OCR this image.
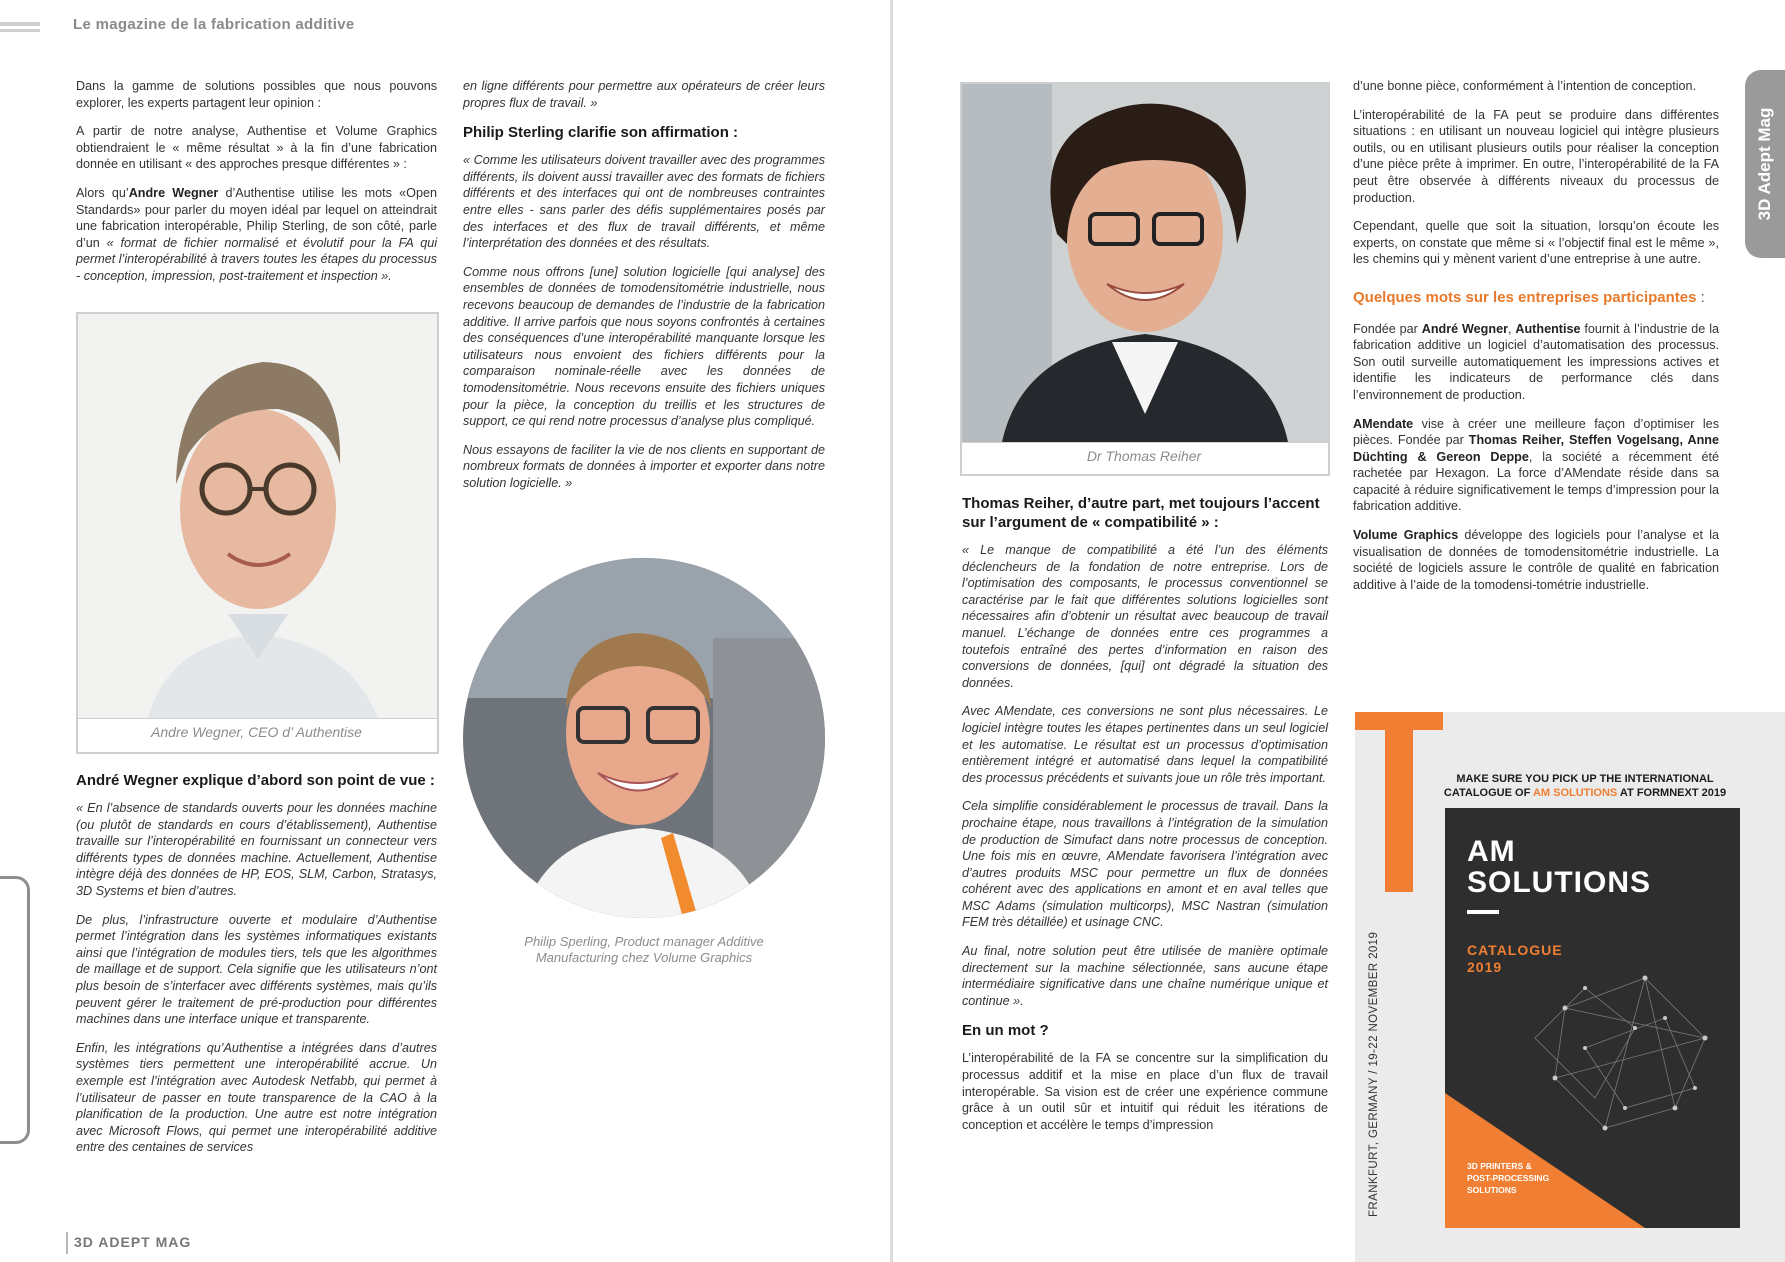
Le magazine de la fabrication additive

Dans la gamme de solutions possibles que nous pouvons explorer, les experts partagent leur opinion :

A partir de notre analyse, Authentise et Volume Graphics obtiendraient le « même résultat » à la fin d’une fabrication donnée en utilisant « des approches presque différentes » :

Alors qu’Andre Wegner d’Authentise utilise les mots «Open Standards» pour parler du moyen idéal par lequel on atteindrait une fabrication interopérable, Philip Sterling, de son côté, parle d’un « format de fichier normalisé et évolutif pour la FA qui permet l’interopérabilité à travers toutes les étapes du processus - conception, impression, post-traitement et inspection ».

Andre Wegner, CEO d’ Authentise
André Wegner explique d’abord son point de vue :

« En l’absence de standards ouverts pour les données machine (ou plutôt de standards en cours d’établissement), Authentise travaille sur l’interopérabilité en fournissant un connecteur vers différents types de données machine. Actuellement, Authentise intègre déjà des données de HP, EOS, SLM, Carbon, Stratasys, 3D Systems et bien d’autres.

De plus, l’infrastructure ouverte et modulaire d’Authentise permet l’intégration dans les systèmes informatiques existants ainsi que l’intégration de modules tiers, tels que les algorithmes de maillage et de support. Cela signifie que les utilisateurs n’ont plus besoin de s’interfacer avec différents systèmes, mais qu’ils peuvent gérer le traitement de pré-production pour différentes machines dans une interface unique et transparente.

Enfin, les intégrations qu’Authentise a intégrées dans d’autres systèmes tiers permettent une interopérabilité accrue. Un exemple est l’intégration avec Autodesk Netfabb, qui permet à l’utilisateur de passer en toute transparence de la CAO à la planification de la production. Une autre est notre intégration avec Microsoft Flows, qui permet une interopérabilité additive entre des centaines de services

en ligne différents pour permettre aux opérateurs de créer leurs propres flux de travail. »

Philip Sterling clarifie son affirmation :

« Comme les utilisateurs doivent travailler avec des programmes différents, ils doivent aussi travailler avec des formats de fichiers différents et des interfaces qui ont de nombreuses contraintes entre elles - sans parler des défis supplémentaires posés par des interfaces et des flux de travail différents, et même l’interprétation des données et des résultats.

Comme nous offrons [une] solution logicielle [qui analyse] des ensembles de données de tomodensitométrie industrielle, nous recevons beaucoup de demandes de l’industrie de la fabrication additive. Il arrive parfois que nous soyons confrontés à certaines des conséquences d’une interopérabilité manquante lorsque les utilisateurs nous envoient des fichiers différents pour la comparaison nominale-réelle avec les données de tomodensitométrie. Nous recevons ensuite des fichiers uniques pour la pièce, la conception du treillis et les structures de support, ce qui rend notre processus d’analyse plus compliqué.

Nous essayons de faciliter la vie de nos clients en supportant de nombreux formats de données à importer et exporter dans notre solution logicielle. »

Philip Sperling, Product manager Additive Manufacturing chez Volume Graphics
3D ADEPT MAG
Dr Thomas Reiher
Thomas Reiher, d’autre part, met toujours l’accent sur l’argument de « compatibilité » :

« Le manque de compatibilité a été l’un des éléments déclencheurs de la fondation de notre entreprise. Lors de l’optimisation des composants, le processus conventionnel se caractérise par le fait que différentes solutions logicielles sont nécessaires afin d’obtenir un résultat avec beaucoup de travail manuel. L’échange de données entre ces programmes a toutefois entraîné des pertes d’information en raison des conversions de données, [qui] ont dégradé la situation des données.

Avec AMendate, ces conversions ne sont plus nécessaires. Le logiciel intègre toutes les étapes pertinentes dans un seul logiciel et les automatise. Le résultat est un processus d’optimisation entièrement intégré et automatisé dans lequel la compatibilité des processus précédents et suivants joue un rôle très important.

Cela simplifie considérablement le processus de travail. Dans la prochaine étape, nous travaillons à l’intégration de la simulation de production de Simufact dans notre processus de conception. Une fois mis en œuvre, AMendate favorisera l’intégration avec d’autres produits MSC pour permettre un flux de données cohérent avec des applications en amont et en aval telles que MSC Adams (simulation multicorps), MSC Nastran (simulation FEM très détaillée) et usinage CNC.

Au final, notre solution peut être utilisée de manière optimale directement sur la machine sélectionnée, sans aucune étape intermédiaire significative dans une chaîne numérique unique et continue ».

En un mot ?

L’interopérabilité de la FA se concentre sur la simplification du processus additif et la mise en place d’un flux de travail interopérable. Sa vision est de créer une expérience commune grâce à un outil sûr et intuitif qui réduit les itérations de conception et accélère le temps d’impression

d’une bonne pièce, conformément à l’intention de conception.

L’interopérabilité de la FA peut se produire dans différentes situations : en utilisant un nouveau logiciel qui intègre plusieurs outils, ou en utilisant plusieurs outils pour réaliser la conception d’une pièce prête à imprimer. En outre, l’interopérabilité de la FA peut être observée à différents niveaux du processus de production.

Cependant, quelle que soit la situation, lorsqu’on écoute les experts, on constate que même si « l’objectif final est le même », les chemins qui y mènent varient d’une entreprise à une autre.

Quelques mots sur les entreprises participantes :

Fondée par André Wegner, Authentise fournit à l’industrie de la fabrication additive un logiciel d’automatisation des processus. Son outil surveille automatiquement les impressions actives et identifie les indicateurs de performance clés dans l’environnement de production.

AMendate vise à créer une meilleure façon d’optimiser les pièces. Fondée par Thomas Reiher, Steffen Vogelsang, Anne Düchting & Gereon Deppe, la société a récemment été rachetée par Hexagon. La force d’AMendate réside dans sa capacité à réduire significativement le temps d’impression pour la fabrication additive.

Volume Graphics développe des logiciels pour l’analyse et la visualisation de données de tomodensitométrie industrielle. La société de logiciels assure le contrôle de qualité en fabrication additive à l’aide de la tomodensi-tométrie industrielle.

3D Adept Mag
MAKE SURE YOU PICK UP THE INTERNATIONAL CATALOGUE OF AM SOLUTIONS AT FORMNEXT 2019
FRANKFURT, GERMANY / 19-22 NOVEMBER 2019
AM
SOLUTIONS
CATALOGUE
2019
3D PRINTERS &
POST-PROCESSING
SOLUTIONS
